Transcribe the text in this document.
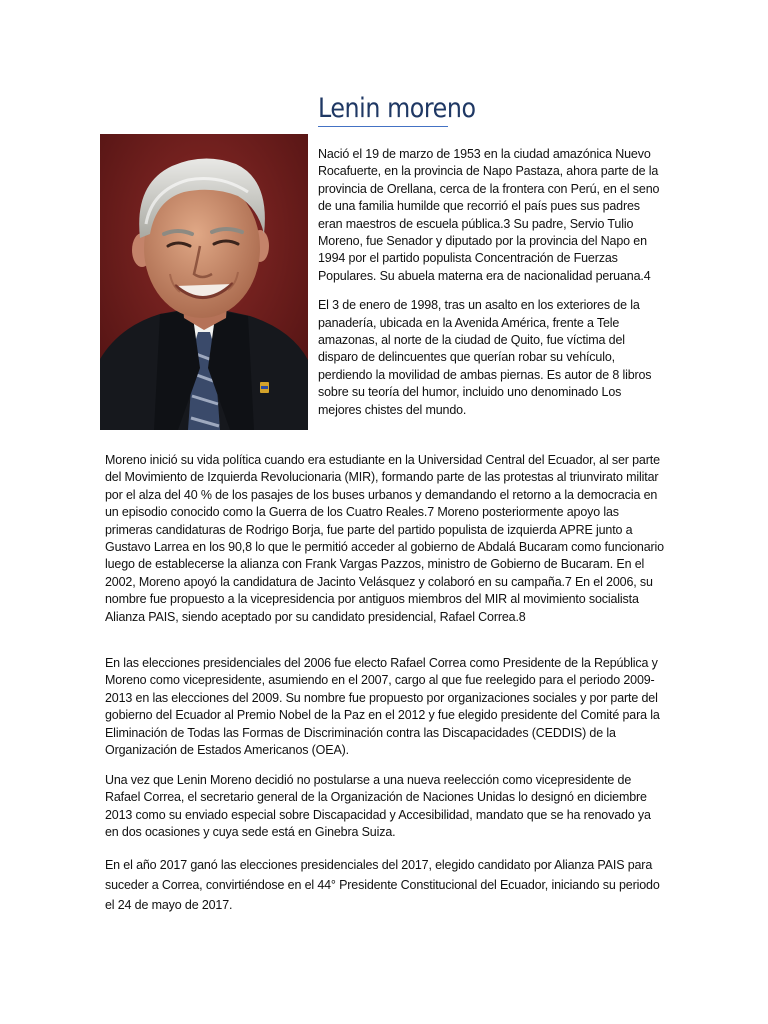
Lenin moreno

Nació el 19 de marzo de 1953 en la ciudad amazónica Nuevo Rocafuerte, en la provincia de Napo Pastaza, ahora parte de la provincia de Orellana, cerca de la frontera con Perú, en el seno de una familia humilde que recorrió el país pues sus padres eran maestros de escuela pública.3 Su padre, Servio Tulio Moreno, fue Senador y diputado por la provincia del Napo en 1994 por el partido populista Concentración de Fuerzas Populares. Su abuela materna era de nacionalidad peruana.4

El 3 de enero de 1998, tras un asalto en los exteriores de la panadería, ubicada en la Avenida América, frente a Tele amazonas, al norte de la ciudad de Quito, fue víctima del disparo de delincuentes que querían robar su vehículo, perdiendo la movilidad de ambas piernas. Es autor de 8 libros sobre su teoría del humor, incluido uno denominado Los mejores chistes del mundo.

Moreno inició su vida política cuando era estudiante en la Universidad Central del Ecuador, al ser parte del Movimiento de Izquierda Revolucionaria (MIR), formando parte de las protestas al triunvirato militar por el alza del 40 % de los pasajes de los buses urbanos y demandando el retorno a la democracia en un episodio conocido como la Guerra de los Cuatro Reales.7 Moreno posteriormente apoyo las primeras candidaturas de Rodrigo Borja, fue parte del partido populista de izquierda APRE junto a Gustavo Larrea en los 90,8 lo que le permitió acceder al gobierno de Abdalá Bucaram como funcionario luego de establecerse la alianza con Frank Vargas Pazzos, ministro de Gobierno de Bucaram. En el 2002, Moreno apoyó la candidatura de Jacinto Velásquez y colaboró en su campaña.7 En el 2006, su nombre fue propuesto a la vicepresidencia por antiguos miembros del MIR al movimiento socialista Alianza PAIS, siendo aceptado por su candidato presidencial, Rafael Correa.8

En las elecciones presidenciales del 2006 fue electo Rafael Correa como Presidente de la República y Moreno como vicepresidente, asumiendo en el 2007, cargo al que fue reelegido para el periodo 2009-2013 en las elecciones del 2009. Su nombre fue propuesto por organizaciones sociales y por parte del gobierno del Ecuador al Premio Nobel de la Paz en el 2012 y fue elegido presidente del Comité para la Eliminación de Todas las Formas de Discriminación contra las Discapacidades (CEDDIS) de la Organización de Estados Americanos (OEA).

Una vez que Lenin Moreno decidió no postularse a una nueva reelección como vicepresidente de Rafael Correa, el secretario general de la Organización de Naciones Unidas lo designó en diciembre 2013 como su enviado especial sobre Discapacidad y Accesibilidad, mandato que se ha renovado ya en dos ocasiones y cuya sede está en Ginebra Suiza.

En el año 2017 ganó las elecciones presidenciales del 2017, elegido candidato por Alianza PAIS para suceder a Correa, convirtiéndose en el 44° Presidente Constitucional del Ecuador, iniciando su periodo el 24 de mayo de 2017.
